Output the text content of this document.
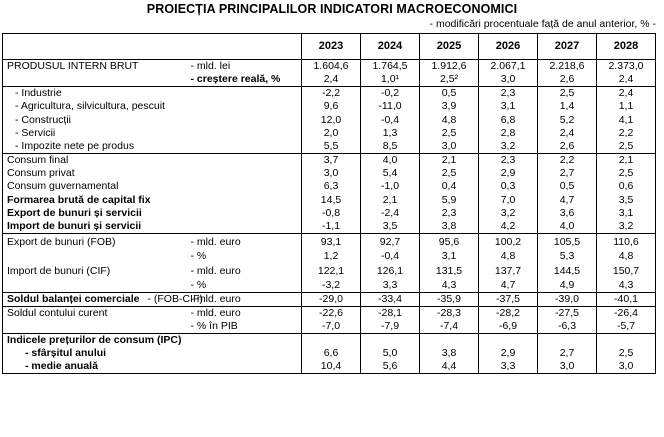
PROIECȚIA PRINCIPALILOR INDICATORI MACROECONOMICI
- modificări procentuale față de anul anterior, % -
		2023	2024	2025	2026	2027	2028
PRODUSUL INTERN BRUT	- mld. lei	1.604,6	1.764,5	1.912,6	2.067,1	2.218,6	2.373,0
	- creștere reală, %	2,4	1,0¹	2,5²	3,0	2,6	2,4
- Industrie		-2,2	-0,2	0,5	2,3	2,5	2,4
- Agricultura, silvicultura, pescuit		9,6	-11,0	3,9	3,1	1,4	1,1
- Construcții		12,0	-0,4	4,8	6,8	5,2	4,1
- Servicii		2,0	1,3	2,5	2,8	2,4	2,2
- Impozite nete pe produs		5,5	8,5	3,0	3,2	2,6	2,5
Consum final		3,7	4,0	2,1	2,3	2,2	2,1
Consum privat		3,0	5,4	2,5	2,9	2,7	2,5
Consum guvernamental		6,3	-1,0	0,4	0,3	0,5	0,6
Formarea brută de capital fix		14,5	2,1	5,9	7,0	4,7	3,5
Export de bunuri și servicii		-0,8	-2,4	2,3	3,2	3,6	3,1
Import de bunuri și servicii		-1,1	3,5	3,8	4,2	4,0	3,2
Export de bunuri (FOB)	- mld. euro	93,1	92,7	95,6	100,2	105,5	110,6
	- %	1,2	-0,4	3,1	4,8	5,3	4,8
Import de bunuri (CIF)	- mld. euro	122,1	126,1	131,5	137,7	144,5	150,7
	- %	-3,2	3,3	4,3	4,7	4,9	4,3
Soldul balanței comerciale - (FOB-CIF)	- mld. euro	-29,0	-33,4	-35,9	-37,5	-39,0	-40,1
Soldul contului curent	- mld. euro	-22,6	-28,1	-28,3	-28,2	-27,5	-26,4
	- % în PIB	-7,0	-7,9	-7,4	-6,9	-6,3	-5,7
Indicele prețurilor de consum (IPC)							
- sfârșitul anului		6,6	5,0	3,8	2,9	2,7	2,5
- medie anuală		10,4	5,6	4,4	3,3	3,0	3,0
